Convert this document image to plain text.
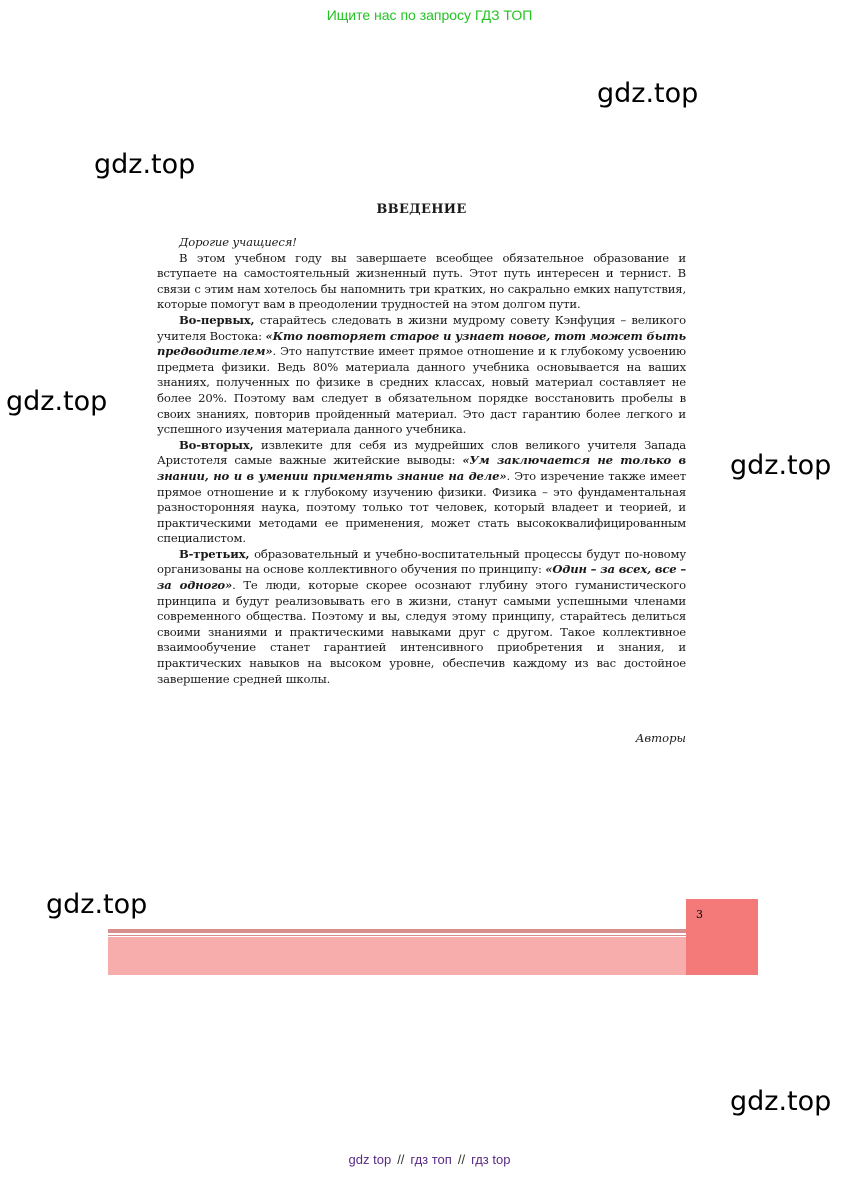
Ищите нас по запросу ГДЗ ТОП
gdz.top
gdz.top
gdz.top
gdz.top
gdz.top
gdz.top
ВВЕДЕНИЕ

Дорогие учащиеся!

В этом учебном году вы завершаете всеобщее обязательное образование и вступаете на самостоятельный жизненный путь. Этот путь интересен и тернист. В связи с этим нам хотелось бы напомнить три кратких, но сакрально емких напутствия, которые помогут вам в преодолении трудностей на этом долгом пути.

Во-первых, старайтесь следовать в жизни мудрому совету Кэнфуция – великого учителя Востока: «Кто повторяет старое и узнает новое, тот может быть предводителем». Это напутствие имеет прямое отношение и к глубокому усвоению предмета физики. Ведь 80% материала данного учебника основывается на ваших знаниях, полученных по физике в средних классах, новый материал составляет не более 20%. Поэтому вам следует в обязательном порядке восстановить пробелы в своих знаниях, повторив пройденный материал. Это даст гарантию более легкого и успешного изучения материала данного учебника.

Во-вторых, извлеките для себя из мудрейших слов великого учителя Запада Аристотеля самые важные житейские выводы: «Ум заключается не только в знании, но и в умении применять знание на деле». Это изречение также имеет прямое отношение и к глубокому изучению физики. Физика – это фундаментальная разносторонняя наука, поэтому только тот человек, который владеет и теорией, и практическими методами ее применения, может стать высококвалифицированным специалистом.

В-третьих, образовательный и учебно-воспитательный процессы будут по-новому организованы на основе коллективного обучения по принципу: «Один – за всех, все – за одного». Те люди, которые скорее осознают глубину этого гуманистического принципа и будут реализовывать его в жизни, станут самыми успешными членами современного общества. Поэтому и вы, следуя этому принципу, старайтесь делиться своими знаниями и практическими навыками друг с другом. Такое коллективное взаимообучение станет гарантией интенсивного приобретения и знания, и практических навыков на высоком уровне, обеспечив каждому из вас достойное завершение средней школы.

Авторы
3
gdz top // гдз топ // гдз top
